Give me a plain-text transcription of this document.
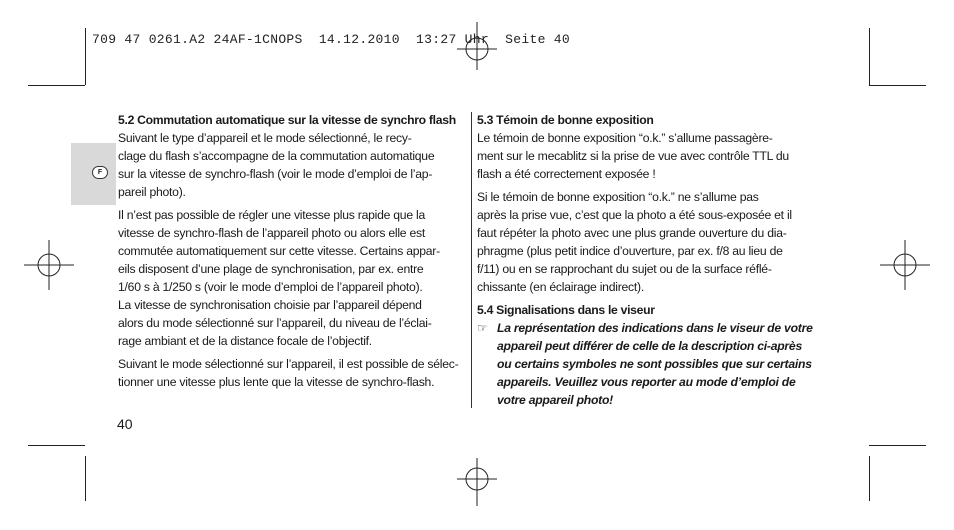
709 47 0261.A2 24AF-1CNOPS  14.12.2010  13:27 Uhr  Seite 40
F
5.2 Commutation automatique sur la vitesse de synchro flash

Suivant le type d’appareil et le mode sélectionné, le recy-

clage du flash s’accompagne de la commutation automatique

sur la vitesse de synchro-flash (voir le mode d’emploi de l’ap-

pareil photo).

Il n’est pas possible de régler une vitesse plus rapide que la

vitesse de synchro-flash de l’appareil photo ou alors elle est

commutée automatiquement sur cette vitesse. Certains appar-

eils disposent d’une plage de synchronisation, par ex. entre

1/60 s à 1/250 s (voir le mode d’emploi de l’appareil photo).

La vitesse de synchronisation choisie par l’appareil dépend

alors du mode sélectionné sur l’appareil, du niveau de l’éclai-

rage ambiant et de la distance focale de l’objectif.

Suivant le mode sélectionné sur l’appareil, il est possible de sélec-

tionner une vitesse plus lente que la vitesse de synchro-flash.

5.3 Témoin de bonne exposition

Le témoin de bonne exposition “o.k.” s’allume passagère-

ment sur le mecablitz si la prise de vue avec contrôle TTL du

flash a été correctement exposée !

Si le témoin de bonne exposition “o.k.” ne s’allume pas

après la prise vue, c’est que la photo a été sous-exposée et il

faut répéter la photo avec une plus grande ouverture du dia-

phragme (plus petit indice d’ouverture, par ex. f/8 au lieu de

f/11) ou en se rapprochant du sujet ou de la surface réflé-

chissante (en éclairage indirect).

5.4 Signalisations dans le viseur
☞ La représentation des indications dans le viseur de votre

appareil peut différer de celle de la description ci-après

ou certains symboles ne sont possibles que sur certains

appareils. Veuillez vous reporter au mode d’emploi de

votre appareil photo!

40
